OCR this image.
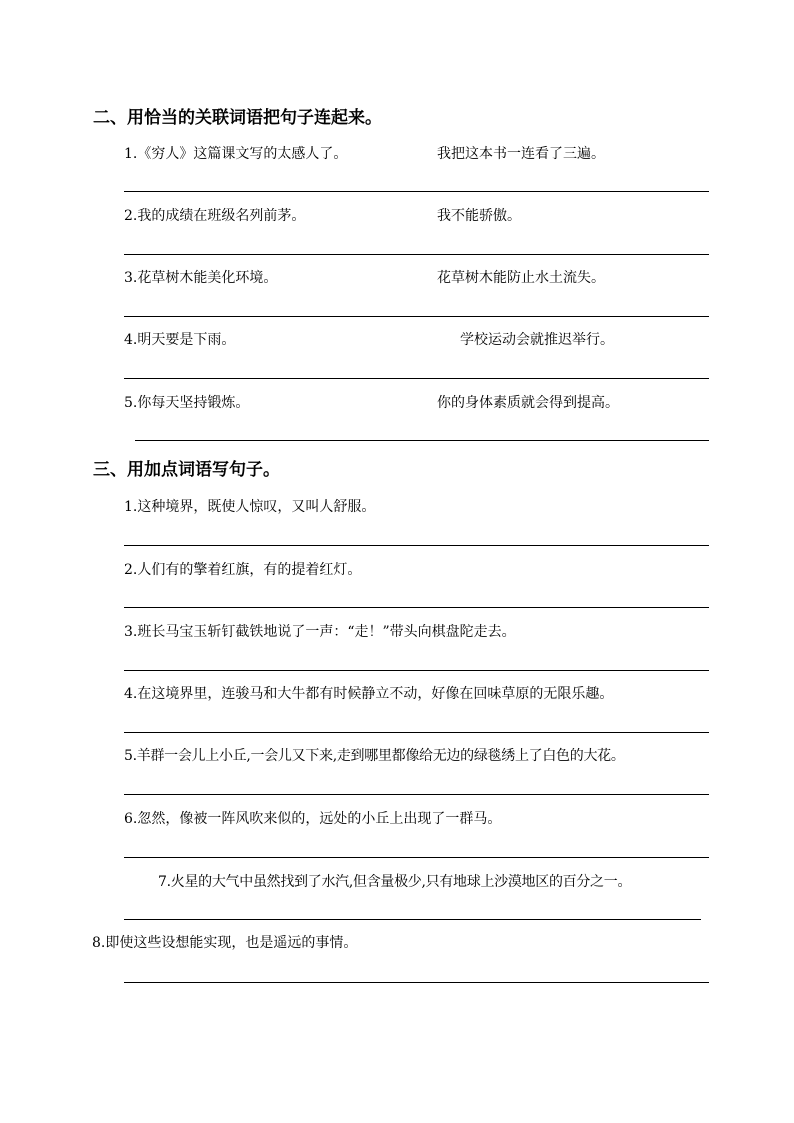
二、用恰当的关联词语把句子连起来。
1.《穷人》这篇课文写的太感人了。	我把这本书一连看了三遍。
2.我的成绩在班级名列前茅。	我不能骄傲。
3.花草树木能美化环境。	花草树木能防止水土流失。
4.明天要是下雨。	学校运动会就推迟举行。
5.你每天坚持锻炼。	你的身体素质就会得到提高。
三、用加点词语写句子。
1.这种境界，既使人惊叹，又叫人舒服。
2.人们有的擎着红旗，有的提着红灯。
3.班长马宝玉斩钉截铁地说了一声：“走！”带头向棋盘陀走去。
4.在这境界里，连骏马和大牛都有时候静立不动，好像在回味草原的无限乐趣。
5.羊群一会儿上小丘,一会儿又下来,走到哪里都像给无边的绿毯绣上了白色的大花。
6.忽然，像被一阵风吹来似的，远处的小丘上出现了一群马。
7.火星的大气中虽然找到了水汽,但含量极少,只有地球上沙漠地区的百分之一。
8.即使这些设想能实现，也是遥远的事情。
